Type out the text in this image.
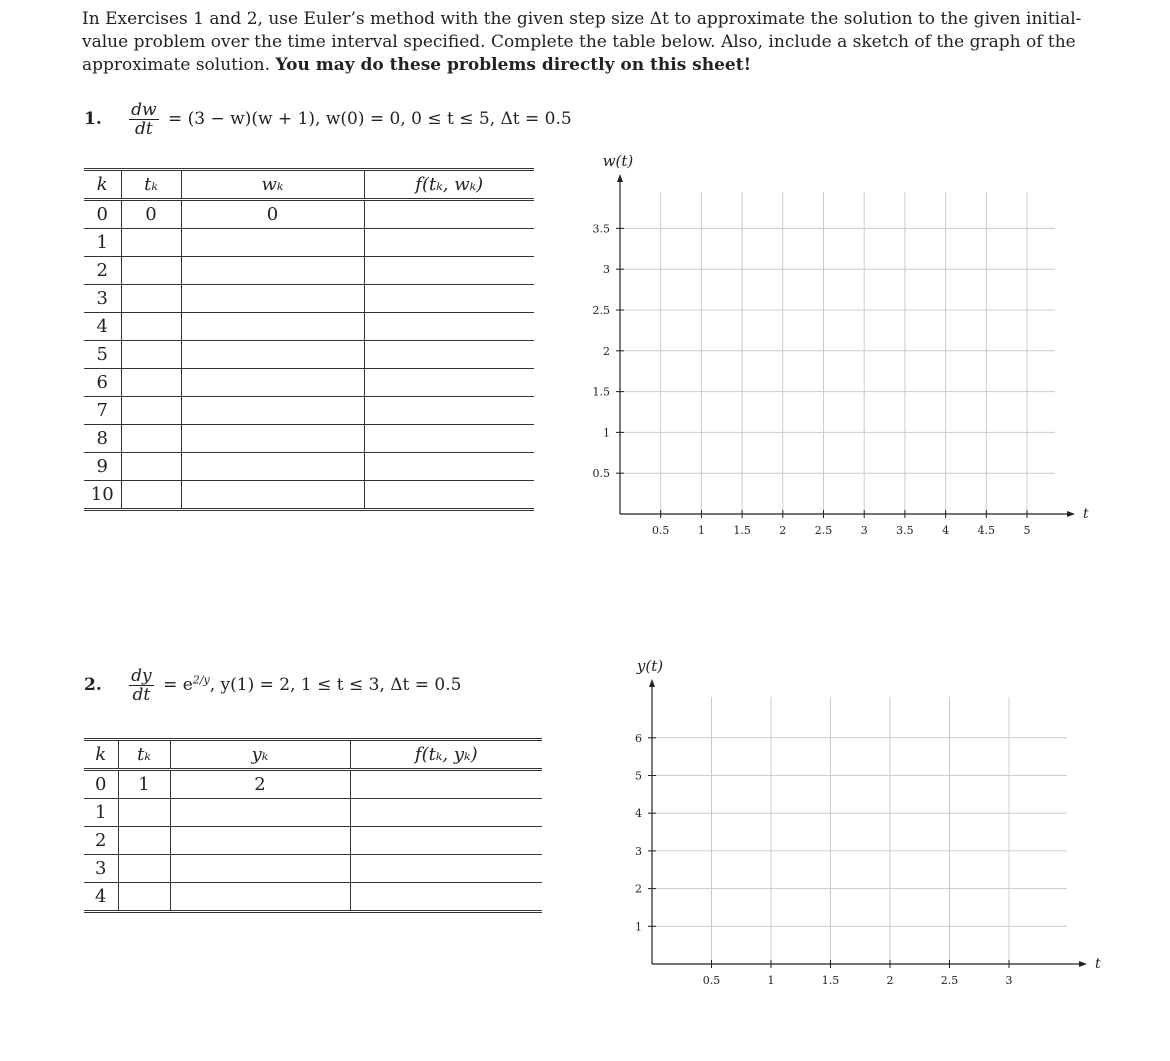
In Exercises 1 and 2, use Euler’s method with the given step size Δt to approximate the solution to the given initial-value problem over the time interval specified. Complete the table below. Also, include a sketch of the graph of the approximate solution. You may do these problems directly on this sheet!
1. $\frac{dw}{dt} = (3 - w)(w + 1)$, w(0) = 0, 0 ≤ t ≤ 5, Δt = 0.5
k	tₖ	wₖ	f(tₖ, wₖ)
0	0	0	
1			
2			
3			
4			
5			
6			
7			
8			
9			
10			
0.5	1	1.5	2	2.5	3	3.5	4	4.5	5
3.5
3
2.5
2
1.5
1
0.5
w(t)
t
2. $\frac{dy}{dt} = e^{2/y}$, y(1) = 2, 1 ≤ t ≤ 3, Δt = 0.5
k	tₖ	yₖ	f(tₖ, yₖ)
0	1	2	
1			
2			
3			
4			
0.5	1	1.5	2	2.5	3
6
5
4
3
2
1
y(t)
t
